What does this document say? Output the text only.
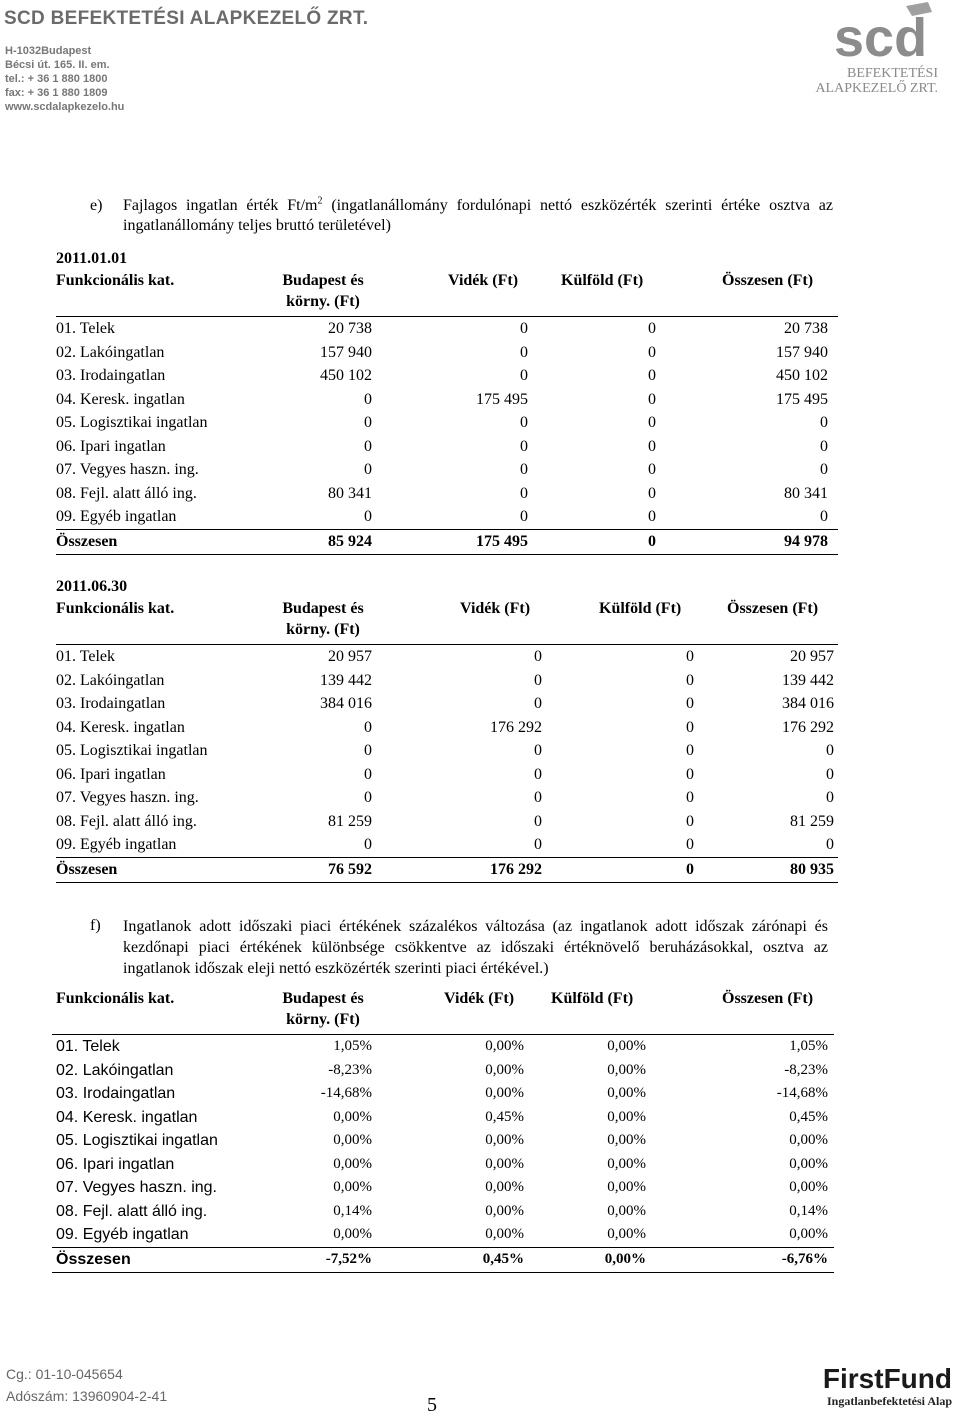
SCD BEFEKTETÉSI ALAPKEZELŐ ZRT.
H-1032Budapest
Bécsi út. 165. II. em.
tel.: + 36 1 880 1800
fax: + 36 1 880 1809
www.scdalapkezelo.hu
scd
BEFEKTETÉSI
ALAPKEZELŐ ZRT.
e) Fajlagos ingatlan érték $Ft/m^2$ (ingatlanállomány fordulónapi nettó eszközérték szerinti értéke osztva az ingatlanállomány teljes bruttó területével)
2011.01.01
Funkcionális kat.	Budapest és
körny. (Ft)
Vidék (Ft)	Külföld (Ft)	Összesen (Ft)
01. Telek	20 738	0	0	20 738
02. Lakóingatlan	157 940	0	0	157 940
03. Irodaingatlan	450 102	0	0	450 102
04. Keresk. ingatlan	0	175 495	0	175 495
05. Logisztikai ingatlan	0	0	0	0
06. Ipari ingatlan	0	0	0	0
07. Vegyes haszn. ing.	0	0	0	0
08. Fejl. alatt álló ing.	80 341	0	0	80 341
09. Egyéb ingatlan	0	0	0	0
Összesen	85 924	175 495	0	94 978
2011.06.30
Funkcionális kat.	Budapest és
körny. (Ft)
Vidék (Ft)	Külföld (Ft)	Összesen (Ft)
01. Telek	20 957	0	0	20 957
02. Lakóingatlan	139 442	0	0	139 442
03. Irodaingatlan	384 016	0	0	384 016
04. Keresk. ingatlan	0	176 292	0	176 292
05. Logisztikai ingatlan	0	0	0	0
06. Ipari ingatlan	0	0	0	0
07. Vegyes haszn. ing.	0	0	0	0
08. Fejl. alatt álló ing.	81 259	0	0	81 259
09. Egyéb ingatlan	0	0	0	0
Összesen	76 592	176 292	0	80 935
f) Ingatlanok adott időszaki piaci értékének százalékos változása (az ingatlanok adott időszak zárónapi és kezdőnapi piaci értékének különbsége csökkentve az időszaki értéknövelő beruházásokkal, osztva az ingatlanok időszak eleji nettó eszközérték szerinti piaci értékével.)
Funkcionális kat.	Budapest és
körny. (Ft)
Vidék (Ft) Külföld (Ft)	Összesen (Ft)
01. Telek	1,05%	0,00%	0,00%	1,05%
02. Lakóingatlan	-8,23%	0,00%	0,00%	-8,23%
03. Irodaingatlan	-14,68%	0,00%	0,00%	-14,68%
04. Keresk. ingatlan	0,00%	0,45%	0,00%	0,45%
05. Logisztikai ingatlan	0,00%	0,00%	0,00%	0,00%
06. Ipari ingatlan	0,00%	0,00%	0,00%	0,00%
07. Vegyes haszn. ing.	0,00%	0,00%	0,00%	0,00%
08. Fejl. alatt álló ing.	0,14%	0,00%	0,00%	0,14%
09. Egyéb ingatlan	0,00%	0,00%	0,00%	0,00%
Összesen	-7,52%	0,45%	0,00%	-6,76%
Cg.: 01-10-045654
Adószám: 13960904-2-41	5
FirstFund
Ingatlanbefektetési Alap
